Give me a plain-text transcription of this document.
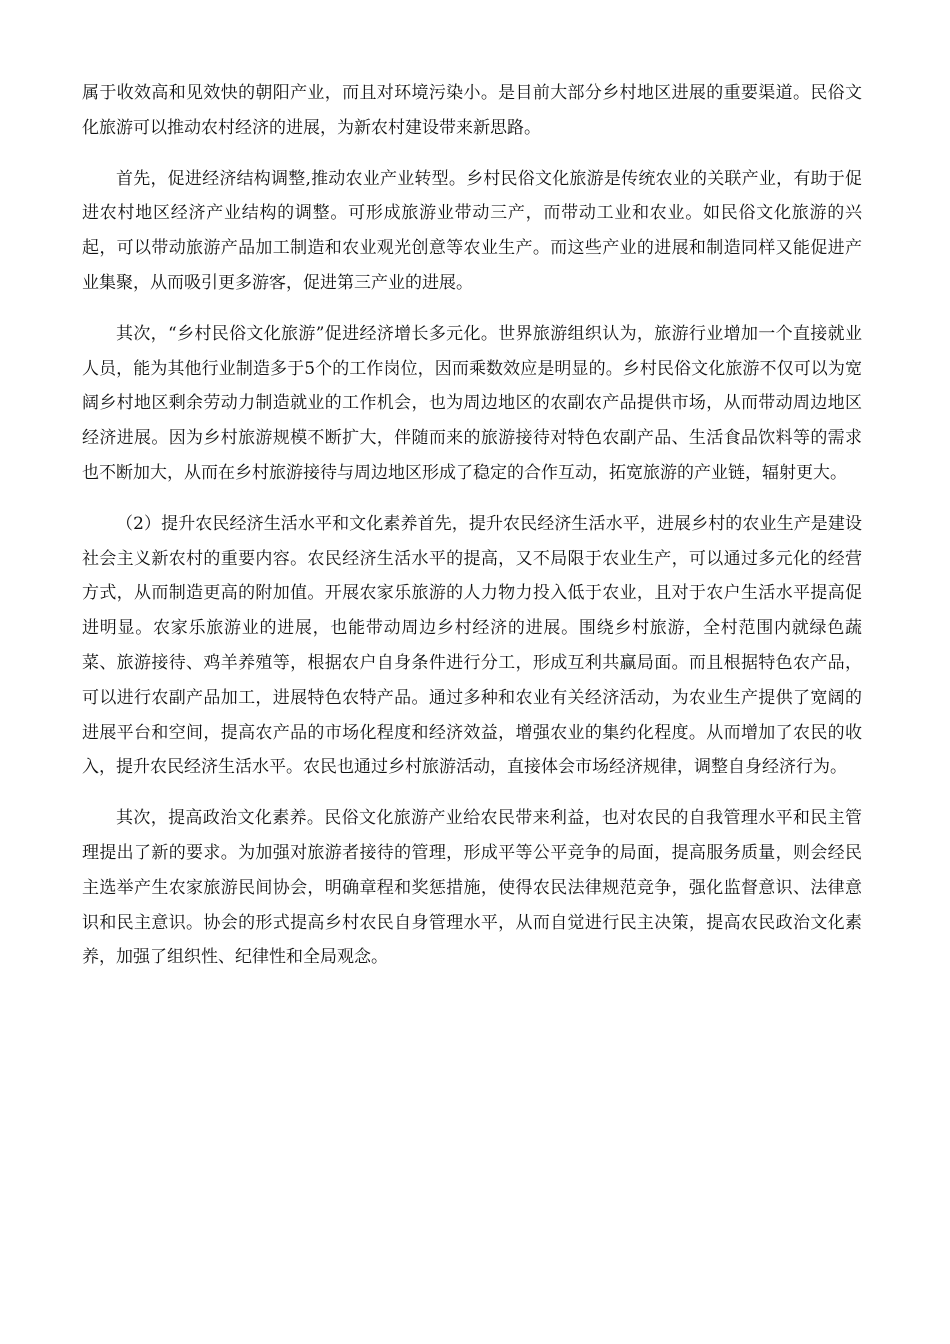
属于收效高和见效快的朝阳产业，而且对环境污染小。是目前大部分乡村地区进展的重要渠道。民俗文化旅游可以推动农村经济的进展，为新农村建设带来新思路。

首先，促进经济结构调整,推动农业产业转型。乡村民俗文化旅游是传统农业的关联产业，有助于促进农村地区经济产业结构的调整。可形成旅游业带动三产，而带动工业和农业。如民俗文化旅游的兴起，可以带动旅游产品加工制造和农业观光创意等农业生产。而这些产业的进展和制造同样又能促进产业集聚，从而吸引更多游客，促进第三产业的进展。

其次，“乡村民俗文化旅游”促进经济增长多元化。世界旅游组织认为，旅游行业增加一个直接就业人员，能为其他行业制造多于5个的工作岗位，因而乘数效应是明显的。乡村民俗文化旅游不仅可以为宽阔乡村地区剩余劳动力制造就业的工作机会，也为周边地区的农副农产品提供市场，从而带动周边地区经济进展。因为乡村旅游规模不断扩大，伴随而来的旅游接待对特色农副产品、生活食品饮料等的需求也不断加大，从而在乡村旅游接待与周边地区形成了稳定的合作互动，拓宽旅游的产业链，辐射更大。

（2）提升农民经济生活水平和文化素养首先，提升农民经济生活水平，进展乡村的农业生产是建设社会主义新农村的重要内容。农民经济生活水平的提高，又不局限于农业生产，可以通过多元化的经营方式，从而制造更高的附加值。开展农家乐旅游的人力物力投入低于农业，且对于农户生活水平提高促进明显。农家乐旅游业的进展，也能带动周边乡村经济的进展。围绕乡村旅游，全村范围内就绿色蔬菜、旅游接待、鸡羊养殖等，根据农户自身条件进行分工，形成互利共赢局面。而且根据特色农产品，可以进行农副产品加工，进展特色农特产品。通过多种和农业有关经济活动，为农业生产提供了宽阔的进展平台和空间，提高农产品的市场化程度和经济效益，增强农业的集约化程度。从而增加了农民的收入，提升农民经济生活水平。农民也通过乡村旅游活动，直接体会市场经济规律，调整自身经济行为。

其次，提高政治文化素养。民俗文化旅游产业给农民带来利益，也对农民的自我管理水平和民主管理提出了新的要求。为加强对旅游者接待的管理，形成平等公平竞争的局面，提高服务质量，则会经民主选举产生农家旅游民间协会，明确章程和奖惩措施，使得农民法律规范竞争，强化监督意识、法律意识和民主意识。协会的形式提高乡村农民自身管理水平，从而自觉进行民主决策，提高农民政治文化素养，加强了组织性、纪律性和全局观念。
